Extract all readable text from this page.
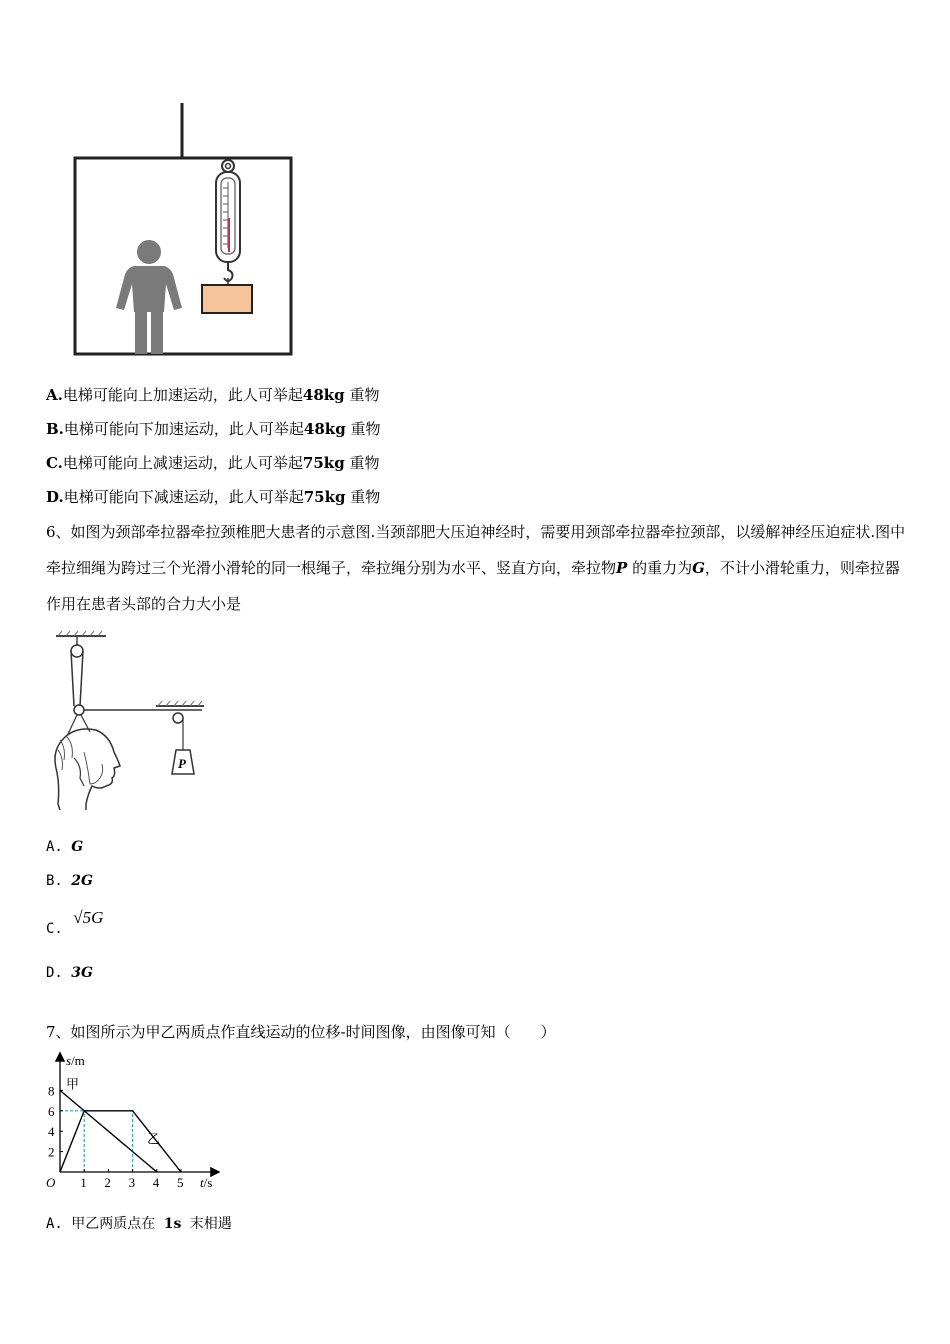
A.电梯可能向上加速运动，此人可举起48kg 重物
B.电梯可能向下加速运动，此人可举起48kg 重物
C.电梯可能向上减速运动，此人可举起75kg 重物
D.电梯可能向下减速运动，此人可举起75kg 重物
6、如图为颈部牵拉器牵拉颈椎肥大患者的示意图.当颈部肥大压迫神经时，需要用颈部牵拉器牵拉颈部，以缓解神经压迫症状.图中牵拉细绳为跨过三个光滑小滑轮的同一根绳子，牵拉绳分别为水平、竖直方向，牵拉物P 的重力为G，不计小滑轮重力，则牵拉器作用在患者头部的合力大小是
P
A. G
B. 2G
C. √5G
D. 3G
7、如图所示为甲乙两质点作直线运动的位移-时间图像，由图像可知（　　）
甲
乙
1 2 3 4 5
2
4
6
8
s/m
t/s
O
A. 甲乙两质点在 1s 末相遇
